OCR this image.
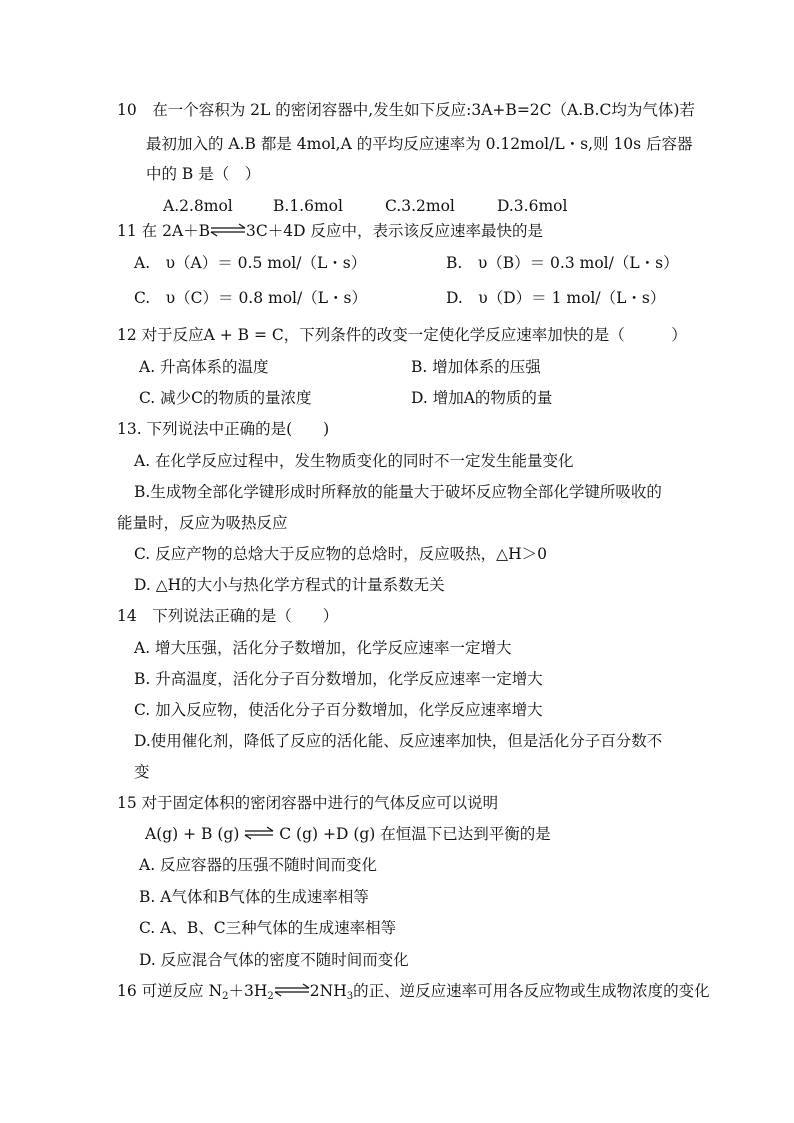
10　在一个容积为 2L 的密闭容器中,发生如下反应:3A+B=2C（A.B.C均为气体)若
最初加入的 A.B 都是 4mol,A 的平均反应速率为 0.12mol/L・s,则 10s 后容器
中的 B 是（　）
A.2.8mol	B.1.6mol	C.3.2mol	D.3.6mol
11 在 2A＋B⇌3C＋4D 反应中，表示该反应速率最快的是
A.　υ（A）＝ 0.5 mol/（L・s）	B.　υ（B）＝ 0.3 mol/（L・s）
C.　υ（C）＝ 0.8 mol/（L・s）	D.　υ（D）＝ 1 mol/（L・s）
12 对于反应A + B = C，下列条件的改变一定使化学反应速率加快的是（　　　）
A. 升高体系的温度	B. 增加体系的压强
C. 减少C的物质的量浓度	D. 增加A的物质的量
13. 下列说法中正确的是(　　)
A. 在化学反应过程中，发生物质变化的同时不一定发生能量变化
B.生成物全部化学键形成时所释放的能量大于破坏反应物全部化学键所吸收的
能量时，反应为吸热反应
C. 反应产物的总焓大于反应物的总焓时，反应吸热，△H＞0
D. △H的大小与热化学方程式的计量系数无关
14　下列说法正确的是（　　）
A. 增大压强，活化分子数增加，化学反应速率一定增大
B. 升高温度，活化分子百分数增加，化学反应速率一定增大
C. 加入反应物，使活化分子百分数增加，化学反应速率增大
D.使用催化剂，降低了反应的活化能、反应速率加快，但是活化分子百分数不
变
15 对于固定体积的密闭容器中进行的气体反应可以说明
A(g) + B (g) ⇌ C (g) +D (g) 在恒温下已达到平衡的是
A. 反应容器的压强不随时间而变化
B. A气体和B气体的生成速率相等
C. A、B、C三种气体的生成速率相等
D. 反应混合气体的密度不随时间而变化
16 可逆反应 $N_2+3H_2\rightleftharpoons 2NH_3$的正、逆反应速率可用各反应物或生成物浓度的变化
